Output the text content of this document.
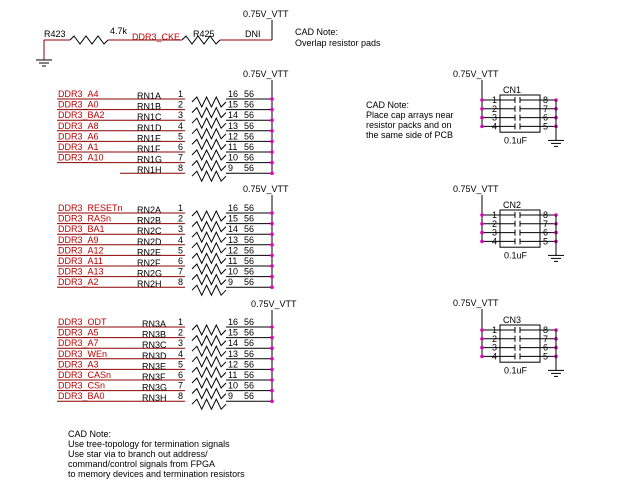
0.75V_VTT
R423	4.7k
DDR3_CKE R425	DNI	CAD Note:
Overlap resistor pads
0.75V_VTT
DDR3_A4	RN1A 1	16 56
DDR3_A0	RN1B 2	15 56
DDR3_BA2	RN1C 3	14 56
DDR3_A8	RN1D 4	13 56
DDR3_A6	RN1E 5	12 56
DDR3_A1	RN1F 6	11 56
DDR3_A10	RN1G 7	10 56
RN1H 8	9 56
0.75V_VTT
DDR3_RESETn RN2A 1	16 56
DDR3_RASn	RN2B 2	15 56
DDR3_BA1	RN2C 3	14 56
DDR3_A9	RN2D 4	13 56
DDR3_A12	RN2E 5	12 56
DDR3_A11	RN2F 6	11 56
DDR3_A13	RN2G 7	10 56
DDR3_A2	RN2H 8	9 56
0.75V_VTT
DDR3_ODT	RN3A 1	16 56
DDR3_A5	RN3B 2	15 56
DDR3_A7	RN3C 3	14 56
DDR3_WEn	RN3D 4	13 56
DDR3_A3	RN3E 5	12 56
DDR3_CASn	RN3F 6	11 56
DDR3_CSn	RN3G 7	10 56
DDR3_BA0	RN3H 8	9 56
0.75V_VTT
CN1
1	8
2	7
3	6
4	5
0.1uF
0.75V_VTT
CN2
1	8
2	7
3	6
4	5
0.1uF
0.75V_VTT
CN3
1	8
2	7
3	6
4	5
0.1uF
CAD Note:
Place cap arrays near
resistor packs and on
the same side of PCB
CAD Note:
Use tree-topology for termination signals
Use star via to branch out address/
command/control signals from FPGA
to memory devices and termination resistors
